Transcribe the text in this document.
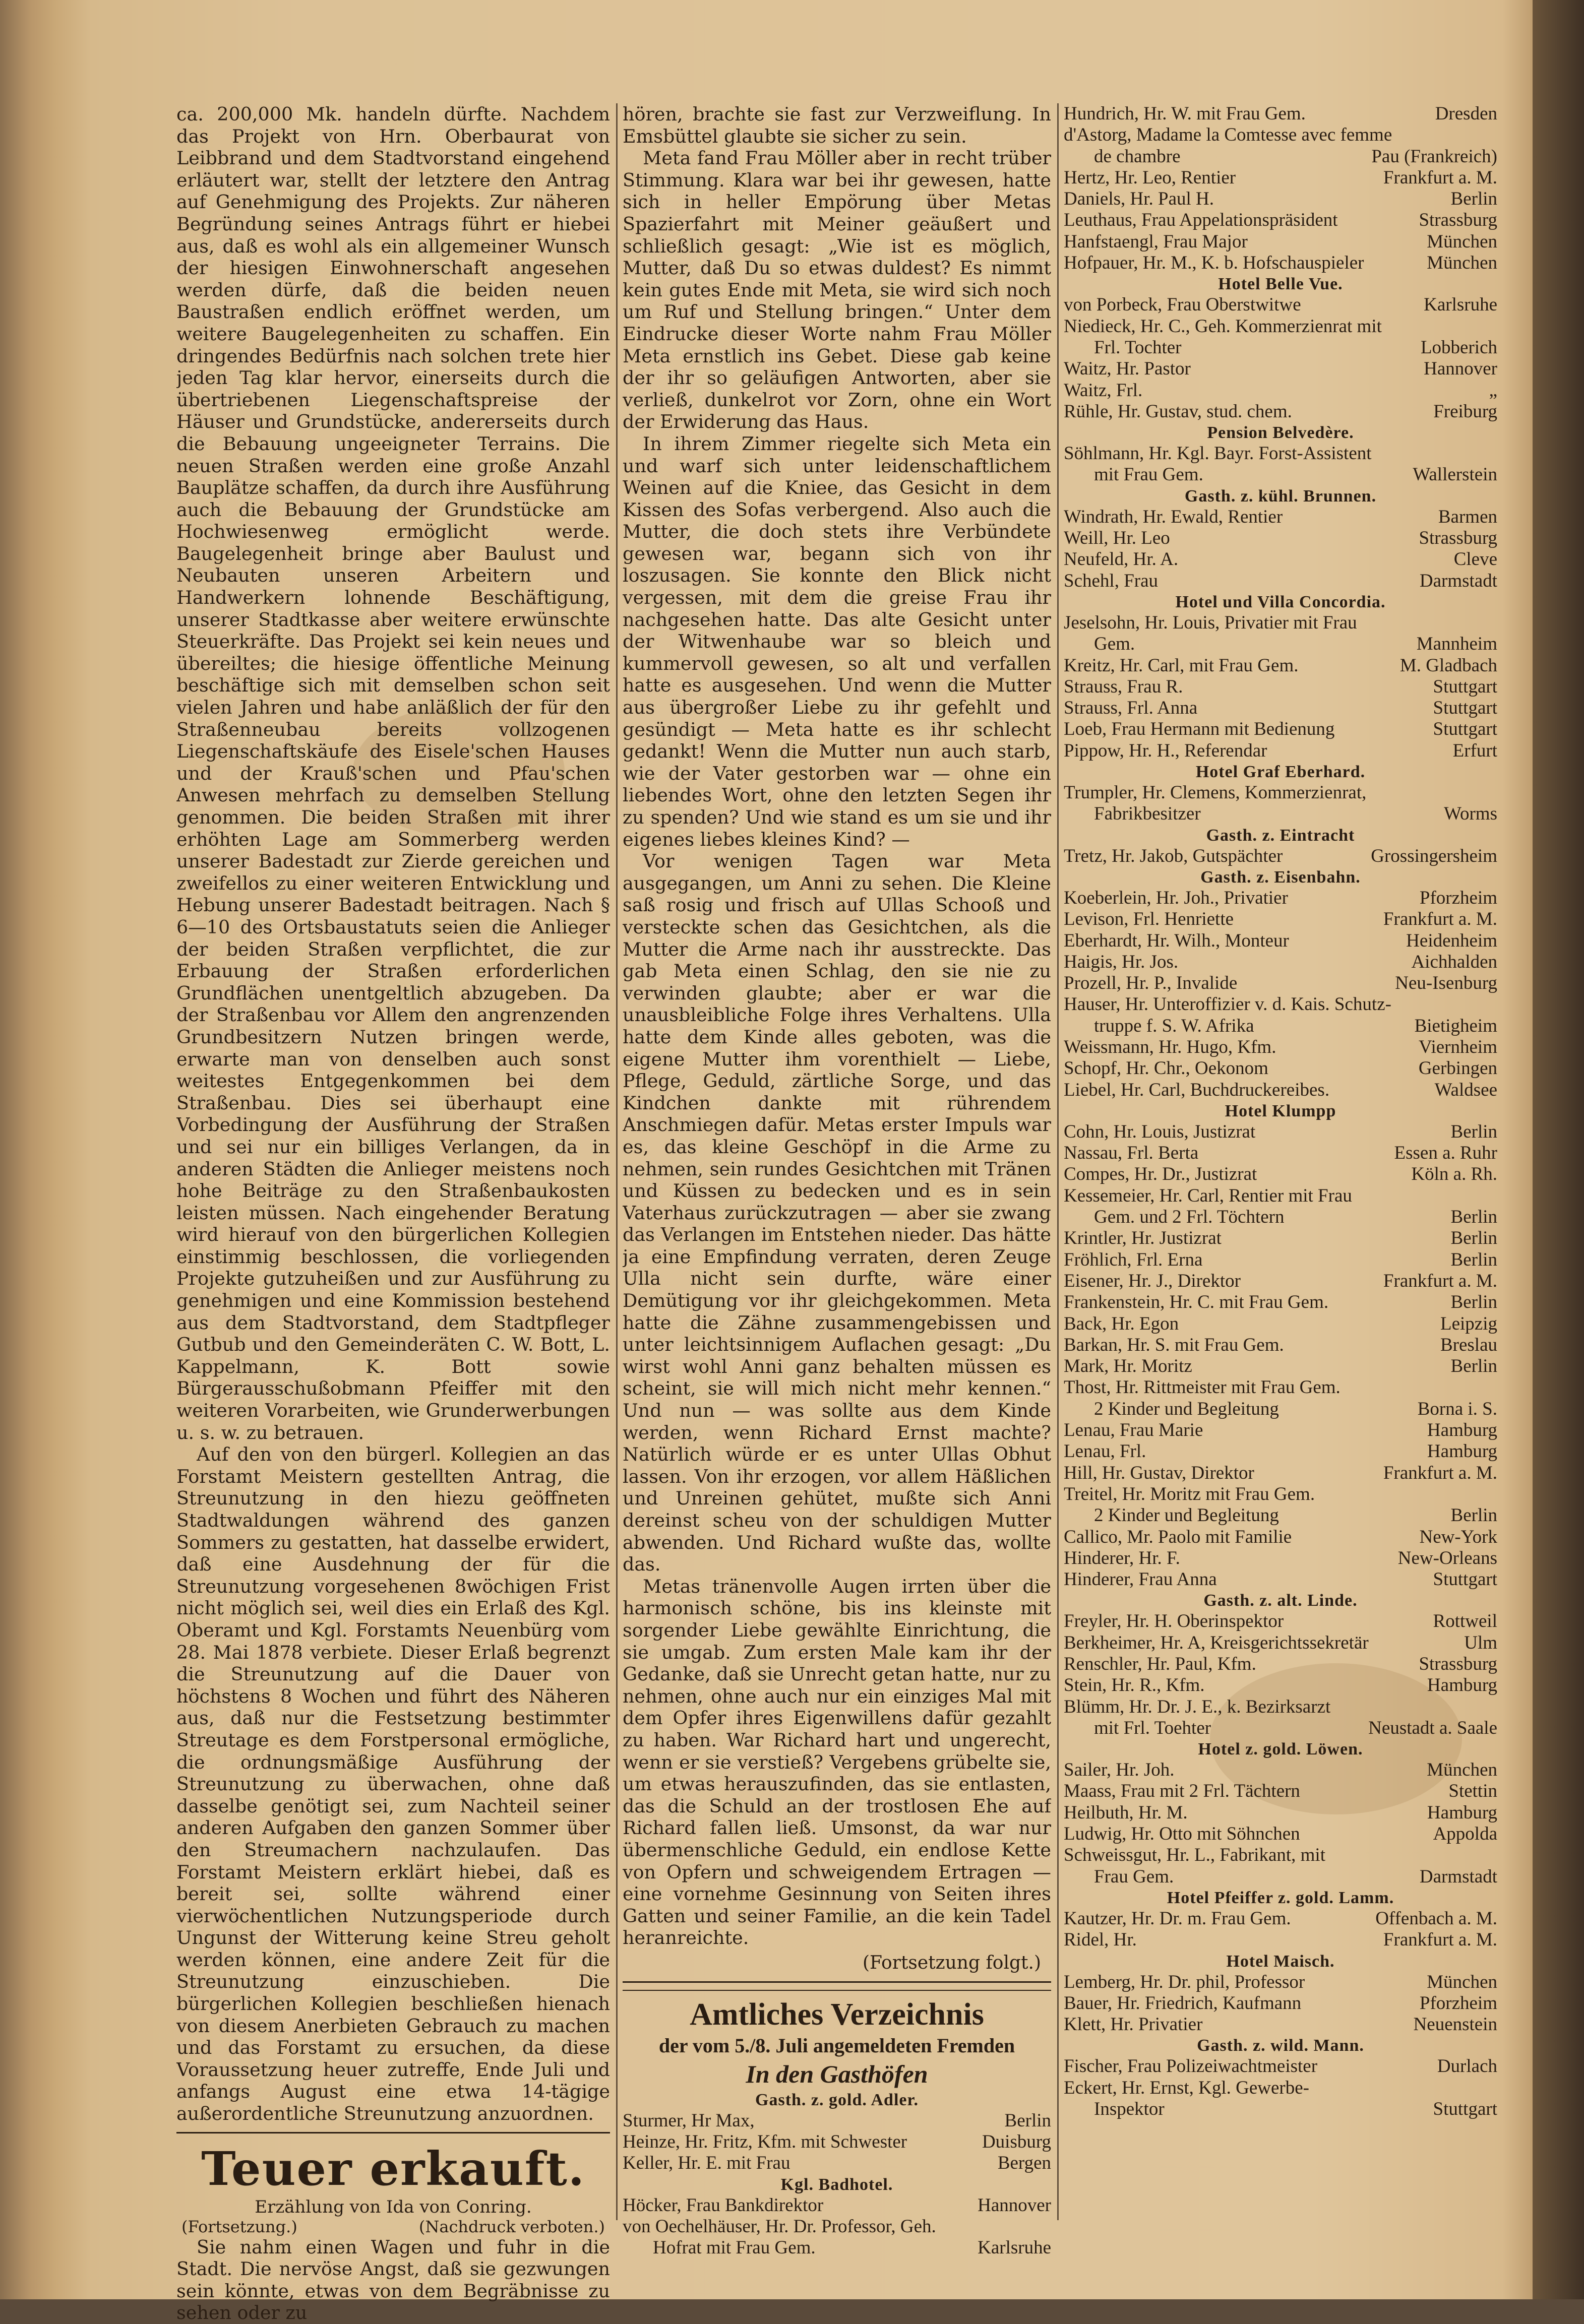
ca. 200,000 Mk. handeln dürfte. Nachdem das Projekt von Hrn. Oberbaurat von Leibbrand und dem Stadtvorstand eingehend erläutert war, stellt der letztere den Antrag auf Genehmigung des Projekts. Zur näheren Begründung seines Antrags führt er hiebei aus, daß es wohl als ein allgemeiner Wunsch der hiesigen Einwohnerschaft angesehen werden dürfe, daß die beiden neuen Baustraßen endlich eröffnet werden, um weitere Baugelegenheiten zu schaffen. Ein dringendes Bedürfnis nach solchen trete hier jeden Tag klar hervor, einerseits durch die übertriebenen Liegenschaftspreise der Häuser und Grundstücke, andererseits durch die Bebauung ungeeigneter Terrains. Die neuen Straßen werden eine große Anzahl Bauplätze schaffen, da durch ihre Ausführung auch die Bebauung der Grundstücke am Hochwiesenweg ermöglicht werde. Baugelegenheit bringe aber Baulust und Neubauten unseren Arbeitern und Handwerkern lohnende Beschäftigung, unserer Stadtkasse aber weitere erwünschte Steuerkräfte. Das Projekt sei kein neues und übereiltes; die hiesige öffentliche Meinung beschäftige sich mit demselben schon seit vielen Jahren und habe anläßlich der für den Straßenneubau bereits vollzogenen Liegenschaftskäufe des Eisele'schen Hauses und der Krauß'schen und Pfau'schen Anwesen mehrfach zu demselben Stellung genommen. Die beiden Straßen mit ihrer erhöhten Lage am Sommerberg werden unserer Badestadt zur Zierde gereichen und zweifellos zu einer weiteren Entwicklung und Hebung unserer Badestadt beitragen. Nach § 6—10 des Ortsbaustatuts seien die Anlieger der beiden Straßen verpflichtet, die zur Erbauung der Straßen erforderlichen Grundflächen unentgeltlich abzugeben. Da der Straßenbau vor Allem den angrenzenden Grundbesitzern Nutzen bringen werde, erwarte man von denselben auch sonst weitestes Entgegenkommen bei dem Straßenbau. Dies sei überhaupt eine Vorbedingung der Ausführung der Straßen und sei nur ein billiges Verlangen, da in anderen Städten die Anlieger meistens noch hohe Beiträge zu den Straßenbaukosten leisten müssen. Nach eingehender Beratung wird hierauf von den bürgerlichen Kollegien einstimmig beschlossen, die vorliegenden Projekte gutzuheißen und zur Ausführung zu genehmigen und eine Kommission bestehend aus dem Stadtvorstand, dem Stadtpfleger Gutbub und den Gemeinderäten C. W. Bott, L. Kappelmann, K. Bott sowie Bürgerausschußobmann Pfeiffer mit den weiteren Vorarbeiten, wie Grunderwerbungen u. s. w. zu betrauen.

Auf den von den bürgerl. Kollegien an das Forstamt Meistern gestellten Antrag, die Streunutzung in den hiezu geöffneten Stadtwaldungen während des ganzen Sommers zu gestatten, hat dasselbe erwidert, daß eine Ausdehnung der für die Streunutzung vorgesehenen 8wöchigen Frist nicht möglich sei, weil dies ein Erlaß des Kgl. Oberamt und Kgl. Forstamts Neuenbürg vom 28. Mai 1878 verbiete. Dieser Erlaß begrenzt die Streunutzung auf die Dauer von höchstens 8 Wochen und führt des Näheren aus, daß nur die Festsetzung bestimmter Streutage es dem Forstpersonal ermögliche, die ordnungsmäßige Ausführung der Streunutzung zu überwachen, ohne daß dasselbe genötigt sei, zum Nachteil seiner anderen Aufgaben den ganzen Sommer über den Streumachern nachzulaufen. Das Forstamt Meistern erklärt hiebei, daß es bereit sei, sollte während einer vierwöchentlichen Nutzungsperiode durch Ungunst der Witterung keine Streu geholt werden können, eine andere Zeit für die Streunutzung einzuschieben. Die bürgerlichen Kollegien beschließen hienach von diesem Anerbieten Gebrauch zu machen und das Forstamt zu ersuchen, da diese Voraussetzung heuer zutreffe, Ende Juli und anfangs August eine etwa 14-tägige außerordentliche Streunutzung anzuordnen.

Teuer erkauft.
Erzählung von Ida von Conring.
(Fortsetzung.)	(Nachdruck verboten.)

Sie nahm einen Wagen und fuhr in die Stadt. Die nervöse Angst, daß sie gezwungen sein könnte, etwas von dem Begräbnisse zu sehen oder zu

hören, brachte sie fast zur Verzweiflung. In Emsbüttel glaubte sie sicher zu sein.

Meta fand Frau Möller aber in recht trüber Stimmung. Klara war bei ihr gewesen, hatte sich in heller Empörung über Metas Spazierfahrt mit Meiner geäußert und schließlich gesagt: „Wie ist es möglich, Mutter, daß Du so etwas duldest? Es nimmt kein gutes Ende mit Meta, sie wird sich noch um Ruf und Stellung bringen.“ Unter dem Eindrucke dieser Worte nahm Frau Möller Meta ernstlich ins Gebet. Diese gab keine der ihr so geläufigen Antworten, aber sie verließ, dunkelrot vor Zorn, ohne ein Wort der Erwiderung das Haus.

In ihrem Zimmer riegelte sich Meta ein und warf sich unter leidenschaftlichem Weinen auf die Kniee, das Gesicht in dem Kissen des Sofas verbergend. Also auch die Mutter, die doch stets ihre Verbündete gewesen war, begann sich von ihr loszusagen. Sie konnte den Blick nicht vergessen, mit dem die greise Frau ihr nachgesehen hatte. Das alte Gesicht unter der Witwenhaube war so bleich und kummervoll gewesen, so alt und verfallen hatte es ausgesehen. Und wenn die Mutter aus übergroßer Liebe zu ihr gefehlt und gesündigt — Meta hatte es ihr schlecht gedankt! Wenn die Mutter nun auch starb, wie der Vater gestorben war — ohne ein liebendes Wort, ohne den letzten Segen ihr zu spenden? Und wie stand es um sie und ihr eigenes liebes kleines Kind? —

Vor wenigen Tagen war Meta ausgegangen, um Anni zu sehen. Die Kleine saß rosig und frisch auf Ullas Schooß und versteckte schen das Gesichtchen, als die Mutter die Arme nach ihr ausstreckte. Das gab Meta einen Schlag, den sie nie zu verwinden glaubte; aber er war die unausbleibliche Folge ihres Verhaltens. Ulla hatte dem Kinde alles geboten, was die eigene Mutter ihm vorenthielt — Liebe, Pflege, Geduld, zärtliche Sorge, und das Kindchen dankte mit rührendem Anschmiegen dafür. Metas erster Impuls war es, das kleine Geschöpf in die Arme zu nehmen, sein rundes Gesichtchen mit Tränen und Küssen zu bedecken und es in sein Vaterhaus zurückzutragen — aber sie zwang das Verlangen im Entstehen nieder. Das hätte ja eine Empfindung verraten, deren Zeuge Ulla nicht sein durfte, wäre einer Demütigung vor ihr gleichgekommen. Meta hatte die Zähne zusammengebissen und unter leichtsinnigem Auflachen gesagt: „Du wirst wohl Anni ganz behalten müssen es scheint, sie will mich nicht mehr kennen.“ Und nun — was sollte aus dem Kinde werden, wenn Richard Ernst machte? Natürlich würde er es unter Ullas Obhut lassen. Von ihr erzogen, vor allem Häßlichen und Unreinen gehütet, mußte sich Anni dereinst scheu von der schuldigen Mutter abwenden. Und Richard wußte das, wollte das.

Metas tränenvolle Augen irrten über die harmonisch schöne, bis ins kleinste mit sorgender Liebe gewählte Einrichtung, die sie umgab. Zum ersten Male kam ihr der Gedanke, daß sie Unrecht getan hatte, nur zu nehmen, ohne auch nur ein einziges Mal mit dem Opfer ihres Eigenwillens dafür gezahlt zu haben. War Richard hart und ungerecht, wenn er sie verstieß? Vergebens grübelte sie, um etwas herauszufinden, das sie entlasten, das die Schuld an der trostlosen Ehe auf Richard fallen ließ. Umsonst, da war nur übermenschliche Geduld, ein endlose Kette von Opfern und schweigendem Ertragen — eine vornehme Gesinnung von Seiten ihres Gatten und seiner Familie, an die kein Tadel heranreichte.

(Fortsetzung folgt.)
Amtliches Verzeichnis
der vom 5./8. Juli angemeldeten Fremden
In den Gasthöfen
Gasth. z. gold. Adler.
Sturmer, Hr Max,	Berlin
Heinze, Hr. Fritz, Kfm. mit Schwester	Duisburg
Keller, Hr. E. mit Frau	Bergen
Kgl. Badhotel.
Höcker, Frau Bankdirektor	Hannover
von Oechelhäuser, Hr. Dr. Professor, Geh.
Hofrat mit Frau Gem.	Karlsruhe
Hundrich, Hr. W. mit Frau Gem.	Dresden
d'Astorg, Madame la Comtesse avec femme
de chambre	Pau (Frankreich)
Hertz, Hr. Leo, Rentier	Frankfurt a. M.
Daniels, Hr. Paul H.	Berlin
Leuthaus, Frau Appelationspräsident	Strassburg
Hanfstaengl, Frau Major	München
Hofpauer, Hr. M., K. b. Hofschauspieler	München
Hotel Belle Vue.
von Porbeck, Frau Oberstwitwe	Karlsruhe
Niedieck, Hr. C., Geh. Kommerzienrat mit
Frl. Tochter	Lobberich
Waitz, Hr. Pastor	Hannover
Waitz, Frl.	„
Rühle, Hr. Gustav, stud. chem.	Freiburg
Pension Belvedère.
Söhlmann, Hr. Kgl. Bayr. Forst-Assistent
mit Frau Gem.	Wallerstein
Gasth. z. kühl. Brunnen.
Windrath, Hr. Ewald, Rentier	Barmen
Weill, Hr. Leo	Strassburg
Neufeld, Hr. A.	Cleve
Schehl, Frau	Darmstadt
Hotel und Villa Concordia.
Jeselsohn, Hr. Louis, Privatier mit Frau
Gem.	Mannheim
Kreitz, Hr. Carl, mit Frau Gem.	M. Gladbach
Strauss, Frau R.	Stuttgart
Strauss, Frl. Anna	Stuttgart
Loeb, Frau Hermann mit Bedienung	Stuttgart
Pippow, Hr. H., Referendar	Erfurt
Hotel Graf Eberhard.
Trumpler, Hr. Clemens, Kommerzienrat,
Fabrikbesitzer	Worms
Gasth. z. Eintracht
Tretz, Hr. Jakob, Gutspächter	Grossingersheim
Gasth. z. Eisenbahn.
Koeberlein, Hr. Joh., Privatier	Pforzheim
Levison, Frl. Henriette	Frankfurt a. M.
Eberhardt, Hr. Wilh., Monteur	Heidenheim
Haigis, Hr. Jos.	Aichhalden
Prozell, Hr. P., Invalide	Neu-Isenburg
Hauser, Hr. Unteroffizier v. d. Kais. Schutz-
truppe f. S. W. Afrika	Bietigheim
Weissmann, Hr. Hugo, Kfm.	Viernheim
Schopf, Hr. Chr., Oekonom	Gerbingen
Liebel, Hr. Carl, Buchdruckereibes.	Waldsee
Hotel Klumpp
Cohn, Hr. Louis, Justizrat	Berlin
Nassau, Frl. Berta	Essen a. Ruhr
Compes, Hr. Dr., Justizrat	Köln a. Rh.
Kessemeier, Hr. Carl, Rentier mit Frau
Gem. und 2 Frl. Töchtern	Berlin
Krintler, Hr. Justizrat	Berlin
Fröhlich, Frl. Erna	Berlin
Eisener, Hr. J., Direktor	Frankfurt a. M.
Frankenstein, Hr. C. mit Frau Gem.	Berlin
Back, Hr. Egon	Leipzig
Barkan, Hr. S. mit Frau Gem.	Breslau
Mark, Hr. Moritz	Berlin
Thost, Hr. Rittmeister mit Frau Gem.
2 Kinder und Begleitung	Borna i. S.
Lenau, Frau Marie	Hamburg
Lenau, Frl.	Hamburg
Hill, Hr. Gustav, Direktor	Frankfurt a. M.
Treitel, Hr. Moritz mit Frau Gem.
2 Kinder und Begleitung	Berlin
Callico, Mr. Paolo mit Familie	New-York
Hinderer, Hr. F.	New-Orleans
Hinderer, Frau Anna	Stuttgart
Gasth. z. alt. Linde.
Freyler, Hr. H. Oberinspektor	Rottweil
Berkheimer, Hr. A, Kreisgerichtssekretär	Ulm
Renschler, Hr. Paul, Kfm.	Strassburg
Stein, Hr. R., Kfm.	Hamburg
Blümm, Hr. Dr. J. E., k. Bezirksarzt
mit Frl. Toehter	Neustadt a. Saale
Hotel z. gold. Löwen.
Sailer, Hr. Joh.	München
Maass, Frau mit 2 Frl. Tächtern	Stettin
Heilbuth, Hr. M.	Hamburg
Ludwig, Hr. Otto mit Söhnchen	Appolda
Schweissgut, Hr. L., Fabrikant, mit
Frau Gem.	Darmstadt
Hotel Pfeiffer z. gold. Lamm.
Kautzer, Hr. Dr. m. Frau Gem.	Offenbach a. M.
Ridel, Hr.	Frankfurt a. M.
Hotel Maisch.
Lemberg, Hr. Dr. phil, Professor	München
Bauer, Hr. Friedrich, Kaufmann	Pforzheim
Klett, Hr. Privatier	Neuenstein
Gasth. z. wild. Mann.
Fischer, Frau Polizeiwachtmeister	Durlach
Eckert, Hr. Ernst, Kgl. Gewerbe-
Inspektor	Stuttgart
